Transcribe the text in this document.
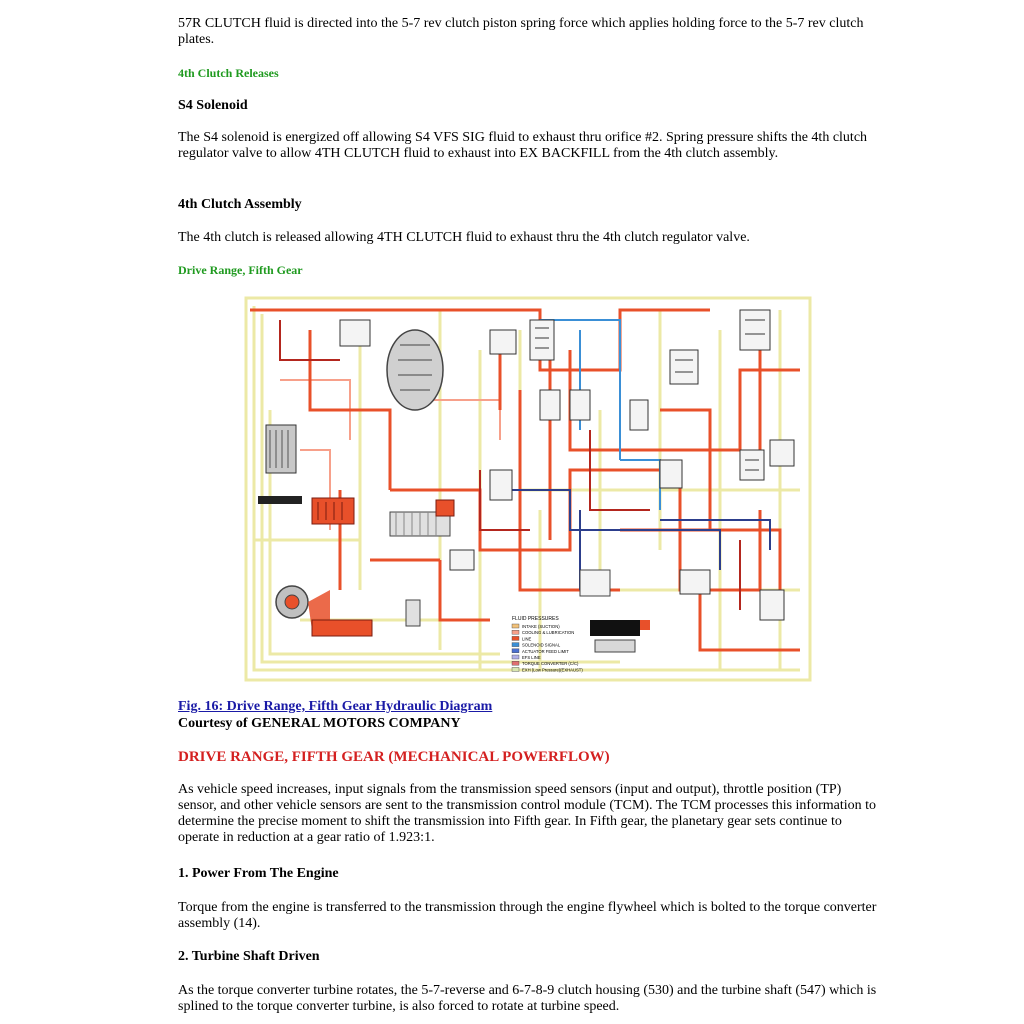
57R CLUTCH fluid is directed into the 5-7 rev clutch piston spring force which applies holding force to the 5-7 rev clutch plates.

4th Clutch Releases

S4 Solenoid

The S4 solenoid is energized off allowing S4 VFS SIG fluid to exhaust thru orifice #2. Spring pressure shifts the 4th clutch regulator valve to allow 4TH CLUTCH fluid to exhaust into EX BACKFILL from the 4th clutch assembly.

4th Clutch Assembly

The 4th clutch is released allowing 4TH CLUTCH fluid to exhaust thru the 4th clutch regulator valve.

Drive Range, Fifth Gear

FLUID PRESSURES
INTAKE (SUCTION)
COOLING & LUBRICATION
LINE
SOLENOID SIGNAL
ACTUATOR FEED LIMIT
EFS LINE
TORQUE CONVERTER (C/C)
EXH (Low Pressure)(EXHAUST)

Fig. 16: Drive Range, Fifth Gear Hydraulic Diagram

Courtesy of GENERAL MOTORS COMPANY

DRIVE RANGE, FIFTH GEAR (MECHANICAL POWERFLOW)

As vehicle speed increases, input signals from the transmission speed sensors (input and output), throttle position (TP) sensor, and other vehicle sensors are sent to the transmission control module (TCM). The TCM processes this information to determine the precise moment to shift the transmission into Fifth gear. In Fifth gear, the planetary gear sets continue to operate in reduction at a gear ratio of 1.923:1.

1. Power From The Engine

Torque from the engine is transferred to the transmission through the engine flywheel which is bolted to the torque converter assembly (14).

2. Turbine Shaft Driven

As the torque converter turbine rotates, the 5-7-reverse and 6-7-8-9 clutch housing (530) and the turbine shaft (547) which is splined to the torque converter turbine, is also forced to rotate at turbine speed.
